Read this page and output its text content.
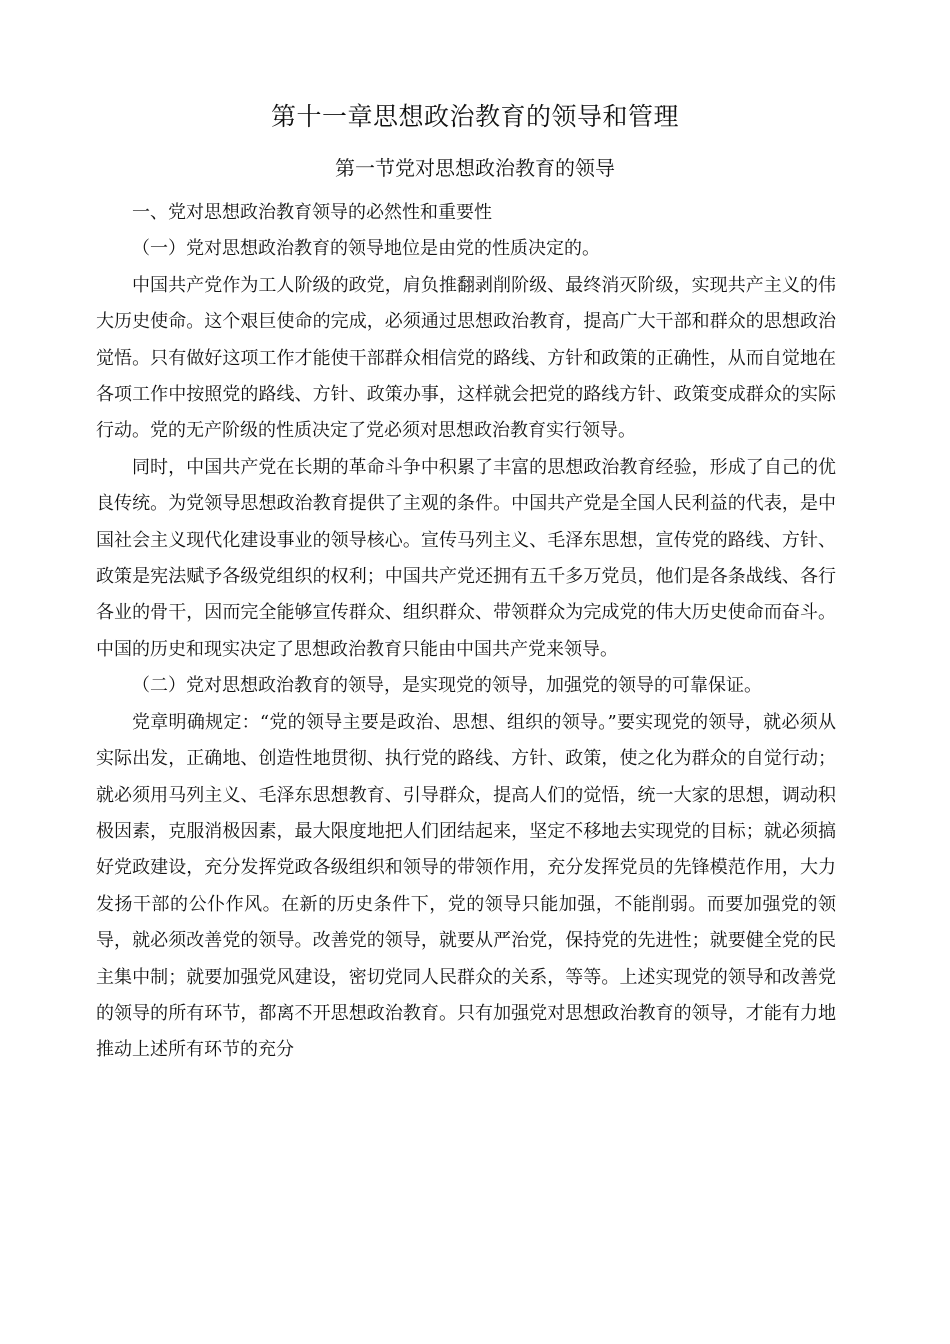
第十一章思想政治教育的领导和管理
第一节党对思想政治教育的领导

一、党对思想政治教育领导的必然性和重要性

（一）党对思想政治教育的领导地位是由党的性质决定的。

中国共产党作为工人阶级的政党，肩负推翻剥削阶级、最终消灭阶级，实现共产主义的伟大历史使命。这个艰巨使命的完成，必须通过思想政治教育，提高广大干部和群众的思想政治觉悟。只有做好这项工作才能使干部群众相信党的路线、方针和政策的正确性，从而自觉地在各项工作中按照党的路线、方针、政策办事，这样就会把党的路线方针、政策变成群众的实际行动。党的无产阶级的性质决定了党必须对思想政治教育实行领导。

同时，中国共产党在长期的革命斗争中积累了丰富的思想政治教育经验，形成了自己的优良传统。为党领导思想政治教育提供了主观的条件。中国共产党是全国人民利益的代表，是中国社会主义现代化建设事业的领导核心。宣传马列主义、毛泽东思想，宣传党的路线、方针、政策是宪法赋予各级党组织的权利；中国共产党还拥有五千多万党员，他们是各条战线、各行各业的骨干，因而完全能够宣传群众、组织群众、带领群众为完成党的伟大历史使命而奋斗。中国的历史和现实决定了思想政治教育只能由中国共产党来领导。

（二）党对思想政治教育的领导，是实现党的领导，加强党的领导的可靠保证。

党章明确规定：“党的领导主要是政治、思想、组织的领导。”要实现党的领导，就必须从实际出发，正确地、创造性地贯彻、执行党的路线、方针、政策，使之化为群众的自觉行动；就必须用马列主义、毛泽东思想教育、引导群众，提高人们的觉悟，统一大家的思想，调动积极因素，克服消极因素，最大限度地把人们团结起来，坚定不移地去实现党的目标；就必须搞好党政建设，充分发挥党政各级组织和领导的带领作用，充分发挥党员的先锋模范作用，大力发扬干部的公仆作风。在新的历史条件下，党的领导只能加强，不能削弱。而要加强党的领导，就必须改善党的领导。改善党的领导，就要从严治党，保持党的先进性；就要健全党的民主集中制；就要加强党风建设，密切党同人民群众的关系，等等。上述实现党的领导和改善党的领导的所有环节，都离不开思想政治教育。只有加强党对思想政治教育的领导，才能有力地推动上述所有环节的充分
